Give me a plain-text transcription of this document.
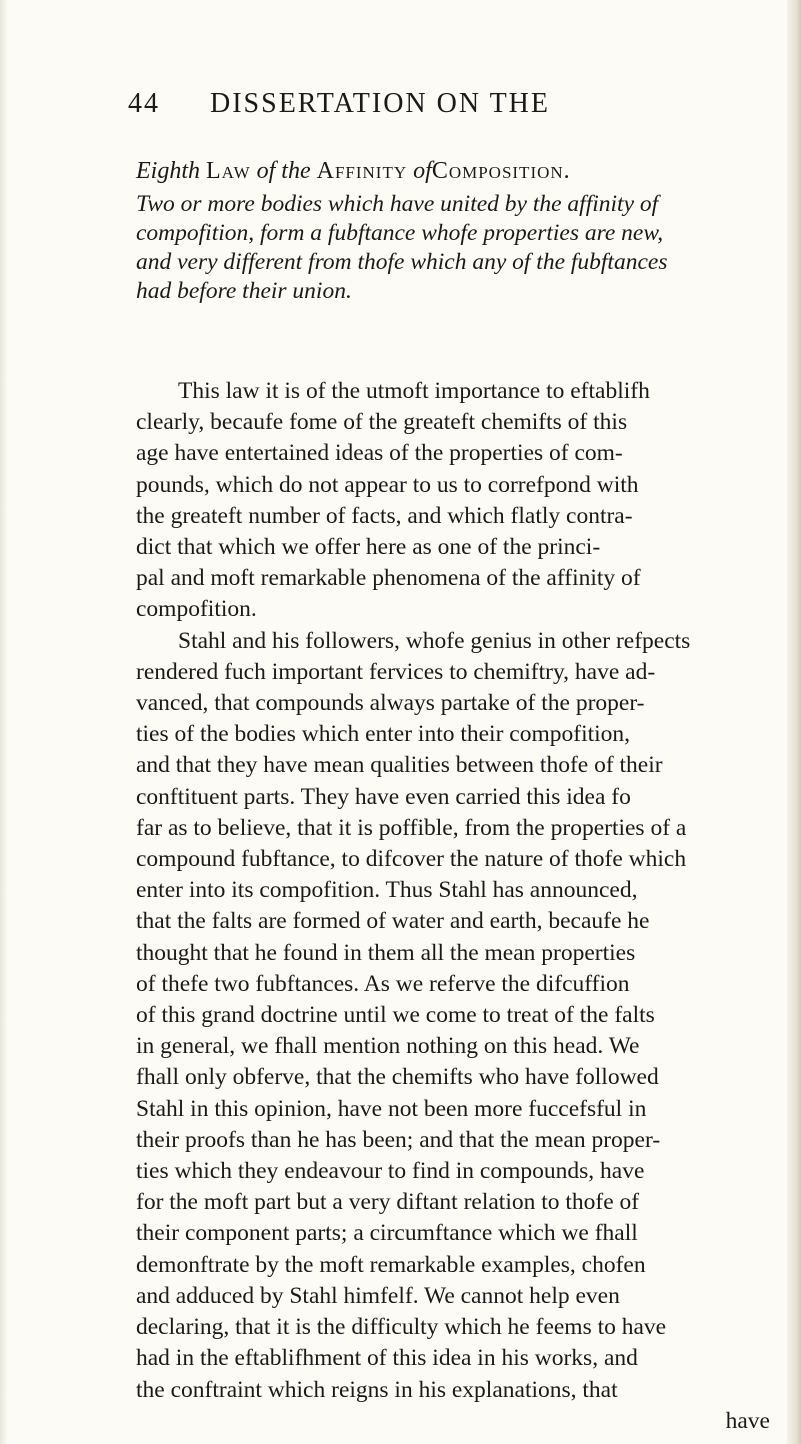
44 DISSERTATION ON THE
Eighth Law of the Affinity ofComposition.
Two or more bodies which have united by the affinity of
compofition, form a fubftance whofe properties are new,
and very different from thofe which any of the fubftances
had before their union.
This law it is of the utmoft importance to eftablifh
clearly, becaufe fome of the greateft chemifts of this
age have entertained ideas of the properties of com-
pounds, which do not appear to us to correfpond with
the greateft number of facts, and which flatly contra-
dict that which we offer here as one of the princi-
pal and moft remarkable phenomena of the affinity of
compofition.
Stahl and his followers, whofe genius in other refpects
rendered fuch important fervices to chemiftry, have ad-
vanced, that compounds always partake of the proper-
ties of the bodies which enter into their compofition,
and that they have mean qualities between thofe of their
conftituent parts. They have even carried this idea fo
far as to believe, that it is poffible, from the properties of a
compound fubftance, to difcover the nature of thofe which
enter into its compofition. Thus Stahl has announced,
that the falts are formed of water and earth, becaufe he
thought that he found in them all the mean properties
of thefe two fubftances. As we referve the difcuffion
of this grand doctrine until we come to treat of the falts
in general, we fhall mention nothing on this head. We
fhall only obferve, that the chemifts who have followed
Stahl in this opinion, have not been more fuccefsful in
their proofs than he has been; and that the mean proper-
ties which they endeavour to find in compounds, have
for the moft part but a very diftant relation to thofe of
their component parts; a circumftance which we fhall
demonftrate by the moft remarkable examples, chofen
and adduced by Stahl himfelf. We cannot help even
declaring, that it is the difficulty which he feems to have
had in the eftablifhment of this idea in his works, and
the conftraint which reigns in his explanations, that
have
